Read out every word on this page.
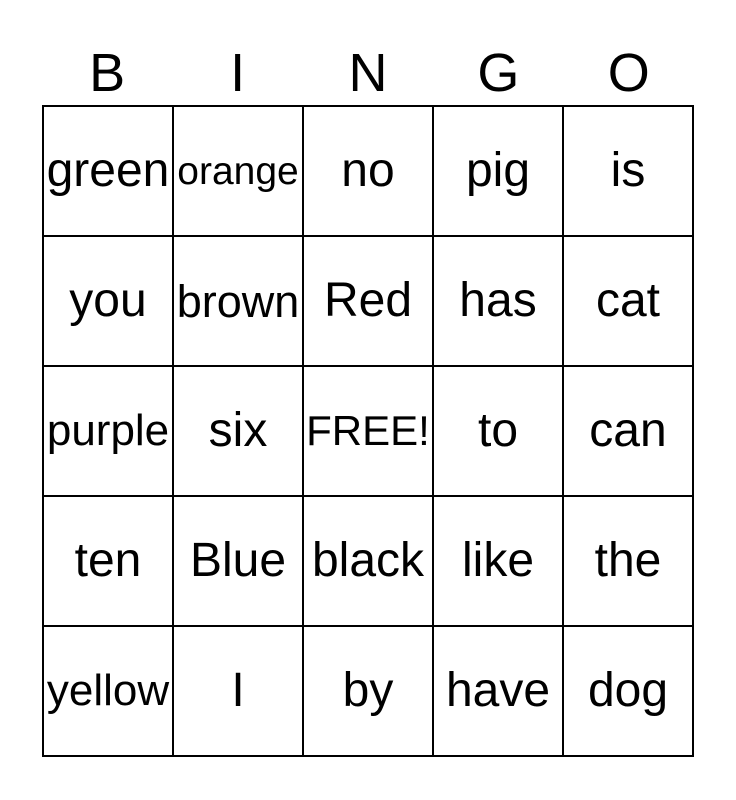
B	I	N	G	O
green orange no pig is
you brown Red has cat
purple six FREE! to can
ten Blue black like the
yellow I by have dog
